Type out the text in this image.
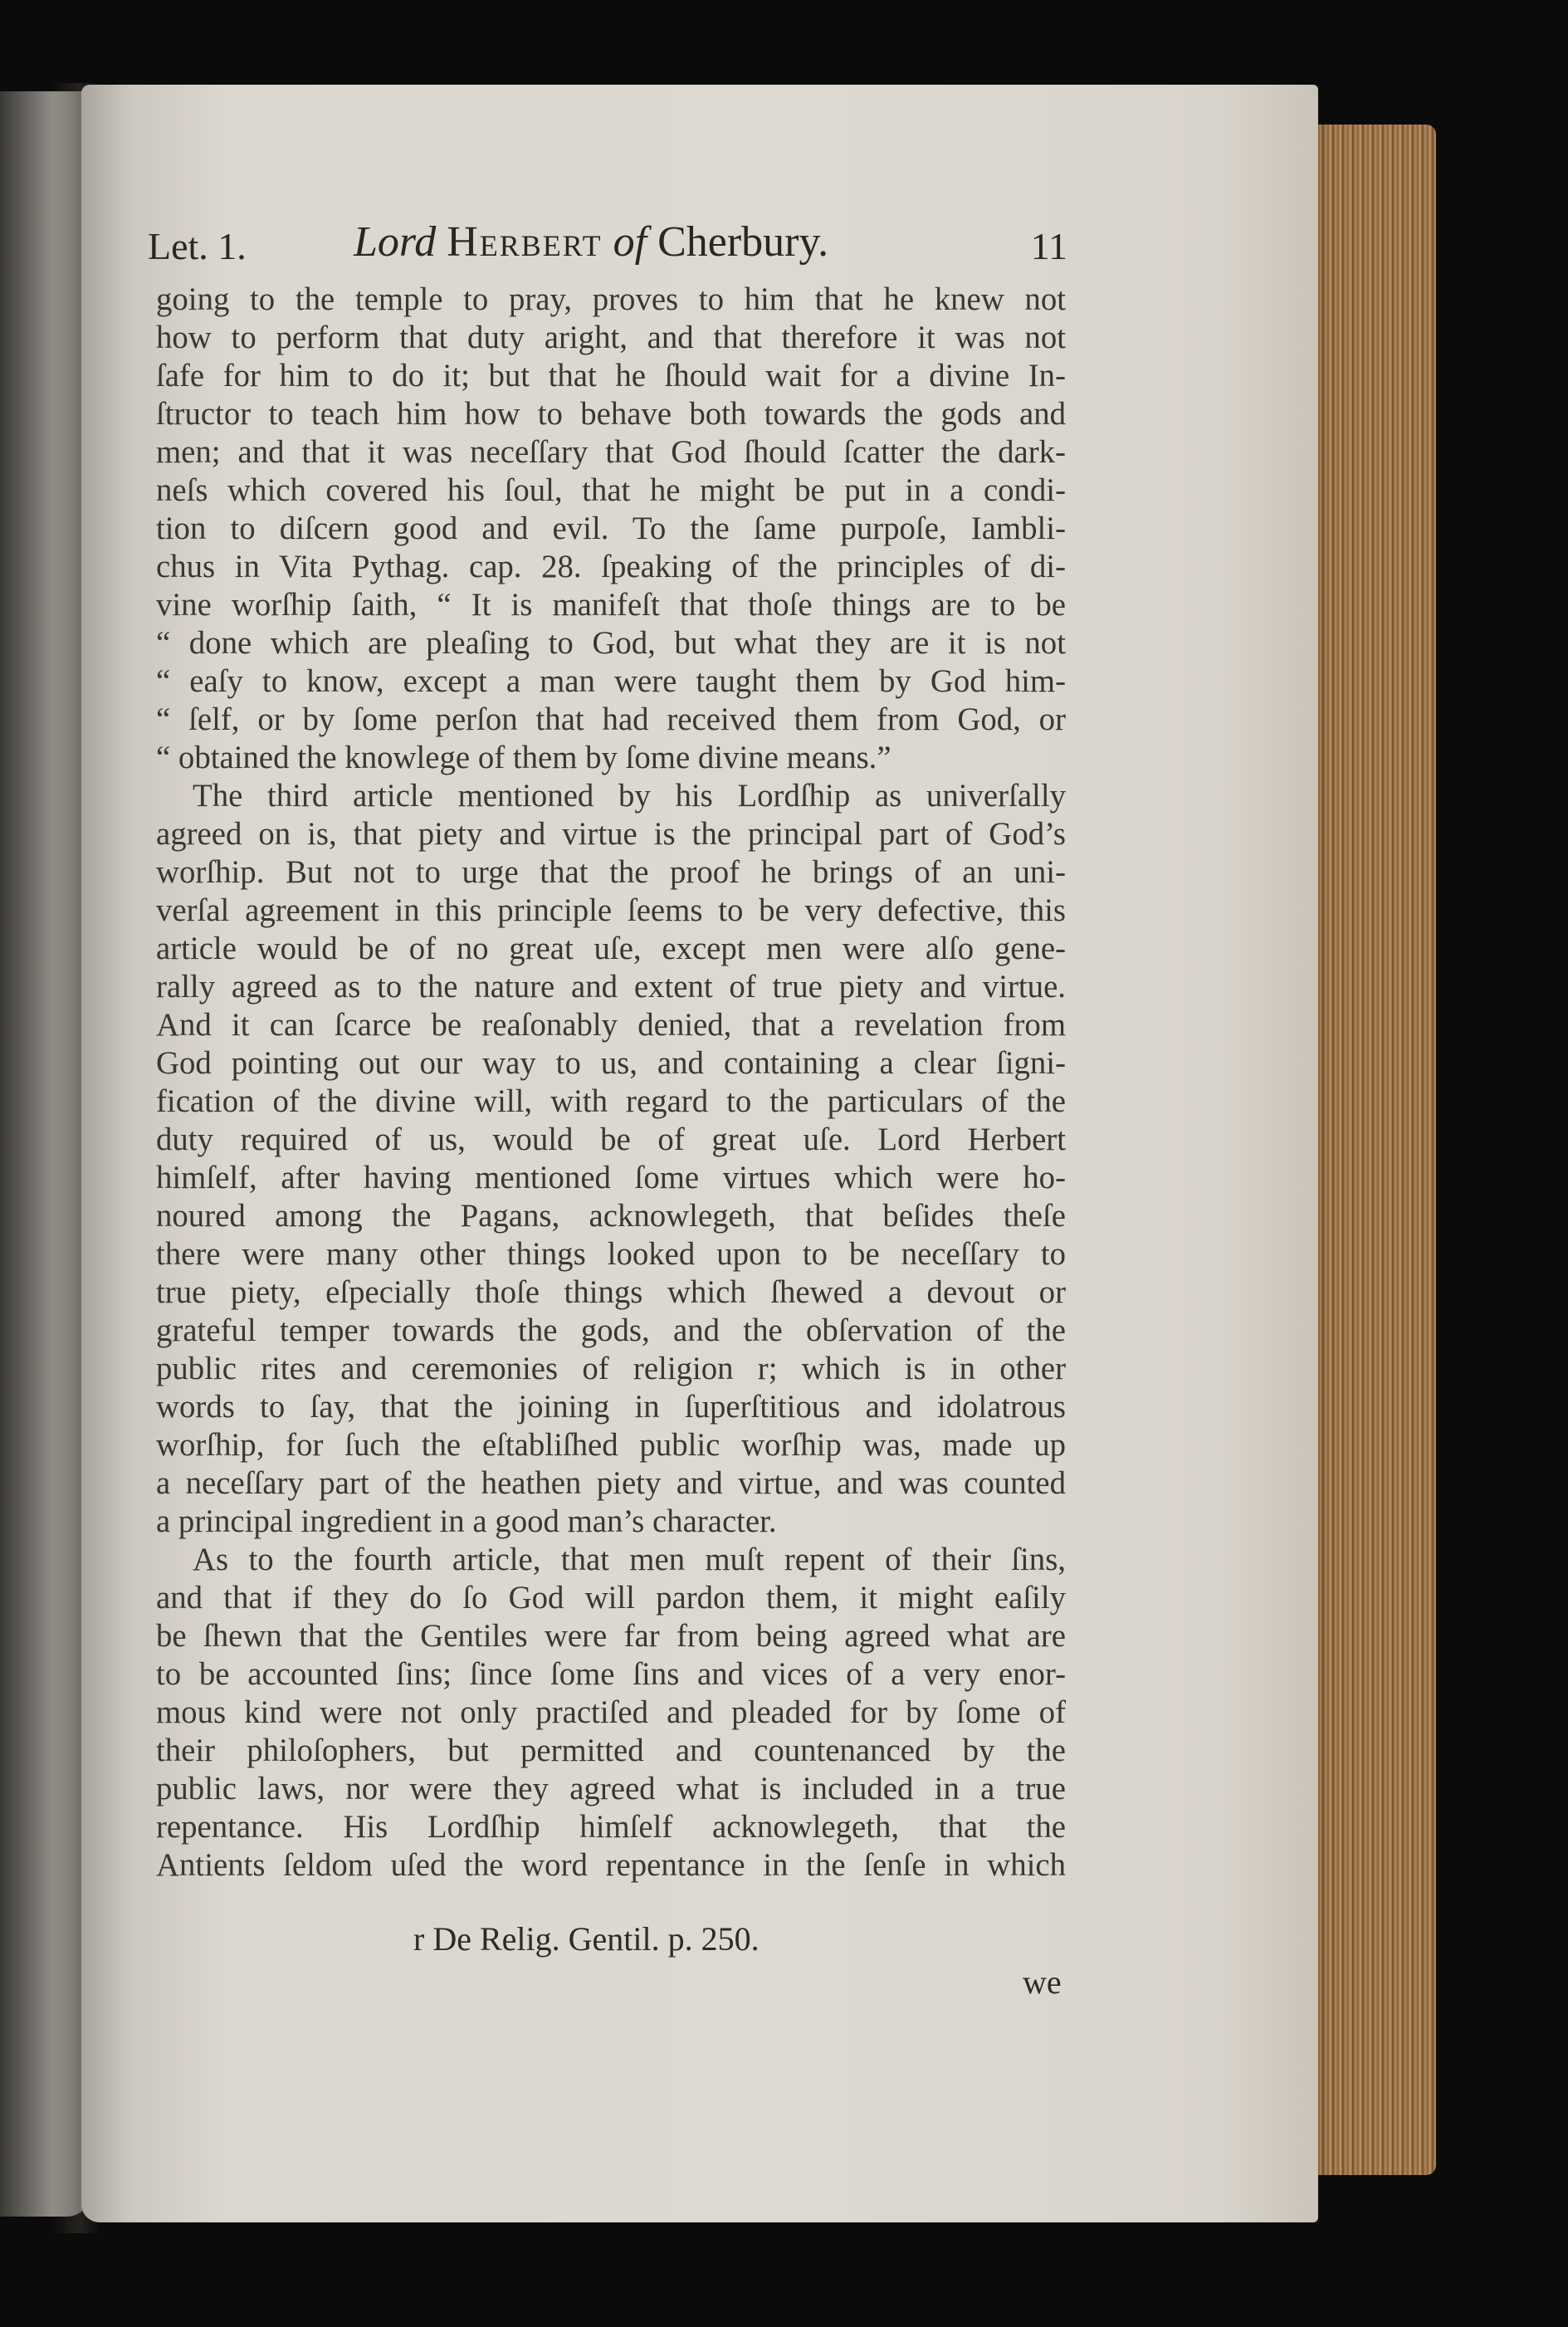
Let. 1. Lord Herbert of Cherbury.	11
going to the temple to pray, proves to him that he knew not
how to perform that duty aright, and that therefore it was not
ſafe for him to do it; but that he ſhould wait for a divine In-
ſtructor to teach him how to behave both towards the gods and
men; and that it was neceſſary that God ſhould ſcatter the dark-
neſs which covered his ſoul, that he might be put in a condi-
tion to diſcern good and evil. To the ſame purpoſe, Iambli-
chus in Vita Pythag. cap. 28. ſpeaking of the principles of di-
vine worſhip ſaith, “ It is manifeſt that thoſe things are to be
“ done which are pleaſing to God, but what they are it is not
“ eaſy to know, except a man were taught them by God him-
“ ſelf, or by ſome perſon that had received them from God, or
“ obtained the knowlege of them by ſome divine means.”
The third article mentioned by his Lordſhip as univerſally
agreed on is, that piety and virtue is the principal part of God’s
worſhip. But not to urge that the proof he brings of an uni-
verſal agreement in this principle ſeems to be very defective, this
article would be of no great uſe, except men were alſo gene-
rally agreed as to the nature and extent of true piety and virtue.
And it can ſcarce be reaſonably denied, that a revelation from
God pointing out our way to us, and containing a clear ſigni-
fication of the divine will, with regard to the particulars of the
duty required of us, would be of great uſe. Lord Herbert
himſelf, after having mentioned ſome virtues which were ho-
noured among the Pagans, acknowlegeth, that beſides theſe
there were many other things looked upon to be neceſſary to
true piety, eſpecially thoſe things which ſhewed a devout or
grateful temper towards the gods, and the obſervation of the
public rites and ceremonies of religion r; which is in other
words to ſay, that the joining in ſuperſtitious and idolatrous
worſhip, for ſuch the eſtabliſhed public worſhip was, made up
a neceſſary part of the heathen piety and virtue, and was counted
a principal ingredient in a good man’s character.
As to the fourth article, that men muſt repent of their ſins,
and that if they do ſo God will pardon them, it might eaſily
be ſhewn that the Gentiles were far from being agreed what are
to be accounted ſins; ſince ſome ſins and vices of a very enor-
mous kind were not only practiſed and pleaded for by ſome of
their philoſophers, but permitted and countenanced by the
public laws, nor were they agreed what is included in a true
repentance. His Lordſhip himſelf acknowlegeth, that the
Antients ſeldom uſed the word repentance in the ſenſe in which
r De Relig. Gentil. p. 250.
we
